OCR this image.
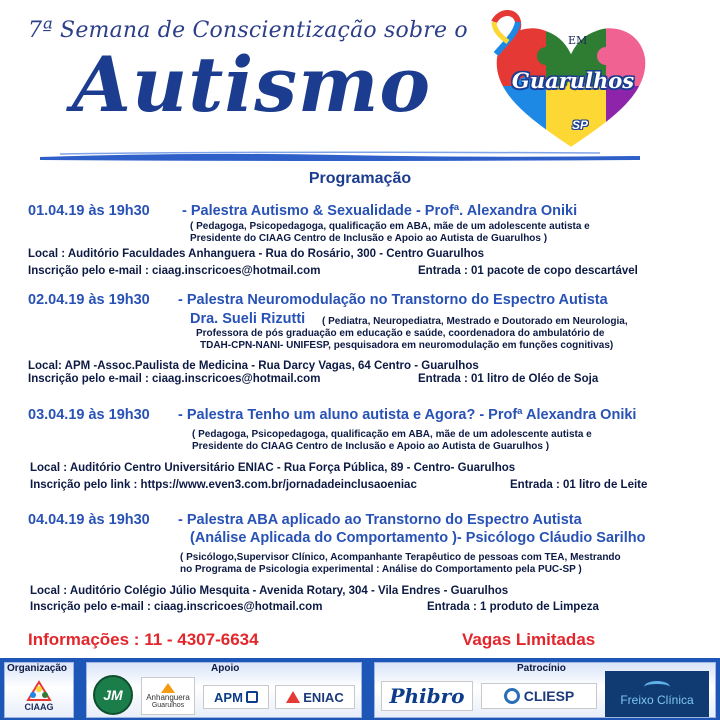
7ª Semana de Conscientização sobre o
Autismo
Programação
EM
Guarulhos
SP
01.04.19 às 19h30 - Palestra Autismo & Sexualidade - Profª. Alexandra Oniki
( Pedagoga, Psicopedagoga, qualificação em ABA, mãe de um adolescente autista e
Presidente do CIAAG Centro de Inclusão e Apoio ao Autista de Guarulhos )
Local : Auditório Faculdades Anhanguera - Rua do Rosário, 300 - Centro Guarulhos
Inscrição pelo e-mail : ciaag.inscricoes@hotmail.com	Entrada : 01 pacote de copo descartável
02.04.19 às 19h30 - Palestra Neuromodulação no Transtorno do Espectro Autista
Dra. Sueli Rizutti ( Pediatra, Neuropediatra, Mestrado e Doutorado em Neurologia,
Professora de pós graduação em educação e saúde, coordenadora do ambulatório de
TDAH-CPN-NANI- UNIFESP, pesquisadora em neuromodulação em funções cognitivas)
Local: APM -Assoc.Paulista de Medicina - Rua Darcy Vagas, 64 Centro - Guarulhos
Inscrição pelo e-mail : ciaag.inscricoes@hotmail.com	Entrada : 01 litro de Oléo de Soja
03.04.19 às 19h30 - Palestra Tenho um aluno autista e Agora? - Profª Alexandra Oniki
( Pedagoga, Psicopedagoga, qualificação em ABA, mãe de um adolescente autista e
Presidente do CIAAG Centro de Inclusão e Apoio ao Autista de Guarulhos )
Local : Auditório Centro Universitário ENIAC - Rua Força Pública, 89 - Centro- Guarulhos
Inscrição pelo link : https://www.even3.com.br/jornadadeinclusaoeniac	Entrada : 01 litro de Leite
04.04.19 às 19h30 - Palestra ABA aplicado ao Transtorno do Espectro Autista
(Análise Aplicada do Comportamento )- Psicólogo Cláudio Sarilho
( Psicólogo,Supervisor Clínico, Acompanhante Terapêutico de pessoas com TEA, Mestrando
no Programa de Psicologia experimental : Análise do Comportamento pela PUC-SP )
Local : Auditório Colégio Júlio Mesquita - Avenida Rotary, 304 - Vila Endres - Guarulhos
Inscrição pelo e-mail : ciaag.inscricoes@hotmail.com	Entrada : 1 produto de Limpeza
Informações : 11 - 4307-6634	Vagas Limitadas
Organização
CIAAG
Apoio
JM	Anhanguera
Guarulhos
APM	ENIAC
Patrocínio
Phibro	CLIESP	Freixo Clínica
